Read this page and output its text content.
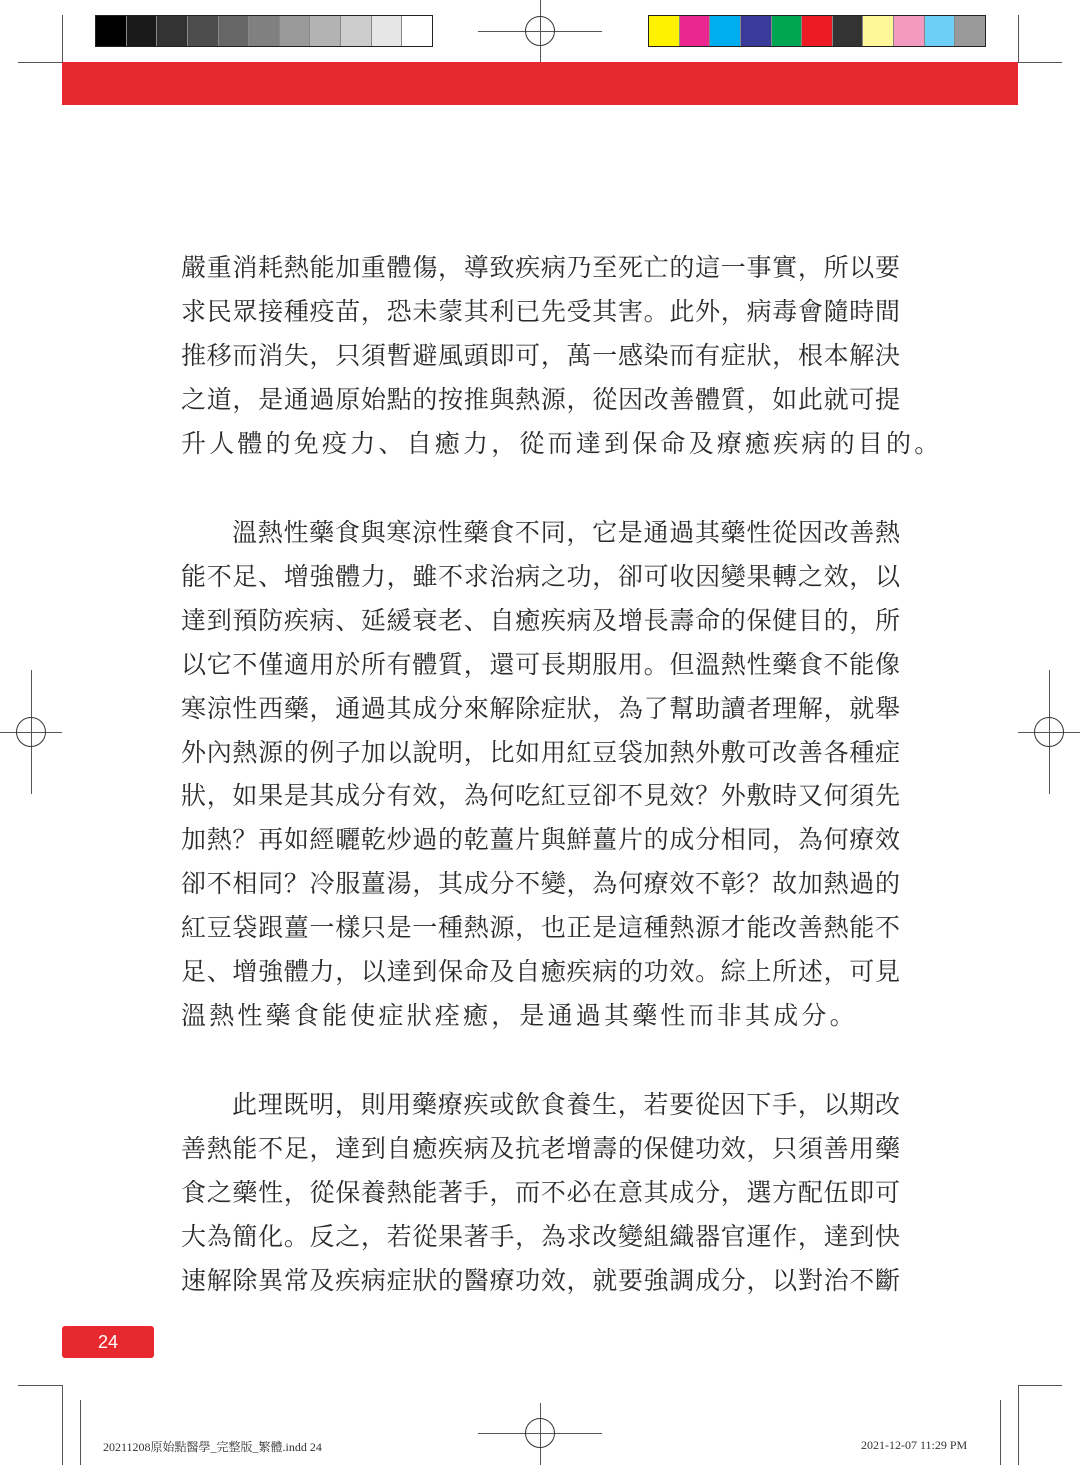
嚴重消耗熱能加重體傷，導致疾病乃至死亡的這一事實，所以要
求民眾接種疫苗，恐未蒙其利已先受其害。此外，病毒會隨時間
推移而消失，只須暫避風頭即可，萬一感染而有症狀，根本解決
之道，是通過原始點的按推與熱源，從因改善體質，如此就可提
升人體的免疫力、自癒力，從而達到保命及療癒疾病的目的。
溫熱性藥食與寒涼性藥食不同，它是通過其藥性從因改善熱
能不足、增強體力，雖不求治病之功，卻可收因變果轉之效，以
達到預防疾病、延緩衰老、自癒疾病及增長壽命的保健目的，所
以它不僅適用於所有體質，還可長期服用。但溫熱性藥食不能像
寒涼性西藥，通過其成分來解除症狀，為了幫助讀者理解，就舉
外內熱源的例子加以說明，比如用紅豆袋加熱外敷可改善各種症
狀，如果是其成分有效，為何吃紅豆卻不見效？外敷時又何須先
加熱？再如經曬乾炒過的乾薑片與鮮薑片的成分相同，為何療效
卻不相同？冷服薑湯，其成分不變，為何療效不彰？故加熱過的
紅豆袋跟薑一樣只是一種熱源，也正是這種熱源才能改善熱能不
足、增強體力，以達到保命及自癒疾病的功效。綜上所述，可見
溫熱性藥食能使症狀痊癒，是通過其藥性而非其成分。
此理既明，則用藥療疾或飲食養生，若要從因下手，以期改
善熱能不足，達到自癒疾病及抗老增壽的保健功效，只須善用藥
食之藥性，從保養熱能著手，而不必在意其成分，選方配伍即可
大為簡化。反之，若從果著手，為求改變組織器官運作，達到快
速解除異常及疾病症狀的醫療功效，就要強調成分，以對治不斷
24
20211208原始點醫學_完整版_繁體.indd 24	2021-12-07 11:29 PM
